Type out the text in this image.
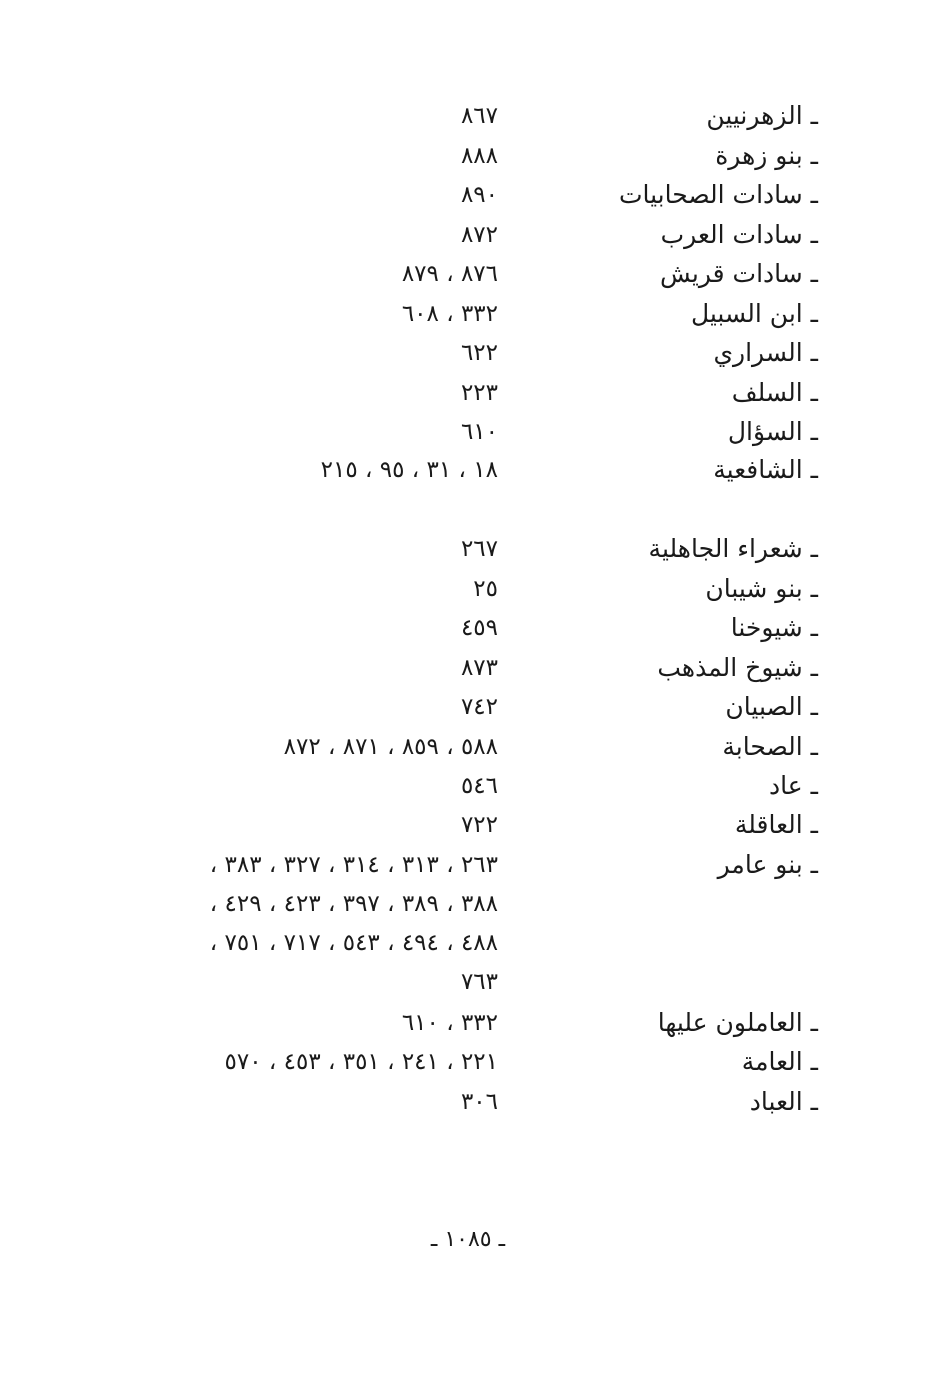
ـ الزهرنيين
٨٦٧
ـ بنو زهرة
٨٨٨
ـ سادات الصحابيات
٨٩٠
ـ سادات العرب
٨٧٢
ـ سادات قريش
٨٧٦ ، ٨٧٩
ـ ابن السبيل
٣٣٢ ، ٦٠٨
ـ السراري
٦٢٢
ـ السلف
٢٢٣
ـ السؤال
٦١٠
ـ الشافعية
١٨ ، ٣١ ، ٩٥ ، ٢١٥
ـ شعراء الجاهلية
٢٦٧
ـ بنو شيبان
٢٥
ـ شيوخنا
٤٥٩
ـ شيوخ المذهب
٨٧٣
ـ الصبيان
٧٤٢
ـ الصحابة
٥٨٨ ، ٨٥٩ ، ٨٧١ ، ٨٧٢
ـ عاد
٥٤٦
ـ العاقلة
٧٢٢
ـ بنو عامر
٢٦٣ ، ٣١٣ ، ٣١٤ ، ٣٢٧ ، ٣٨٣ ،
٣٨٨ ، ٣٨٩ ، ٣٩٧ ، ٤٢٣ ، ٤٢٩ ،
٤٨٨ ، ٤٩٤ ، ٥٤٣ ، ٧١٧ ، ٧٥١ ،
٧٦٣
ـ العاملون عليها
٣٣٢ ، ٦١٠
ـ العامة
٢٢١ ، ٢٤١ ، ٣٥١ ، ٤٥٣ ، ٥٧٠
ـ العباد
٣٠٦
ـ ١٠٨٥ ـ
